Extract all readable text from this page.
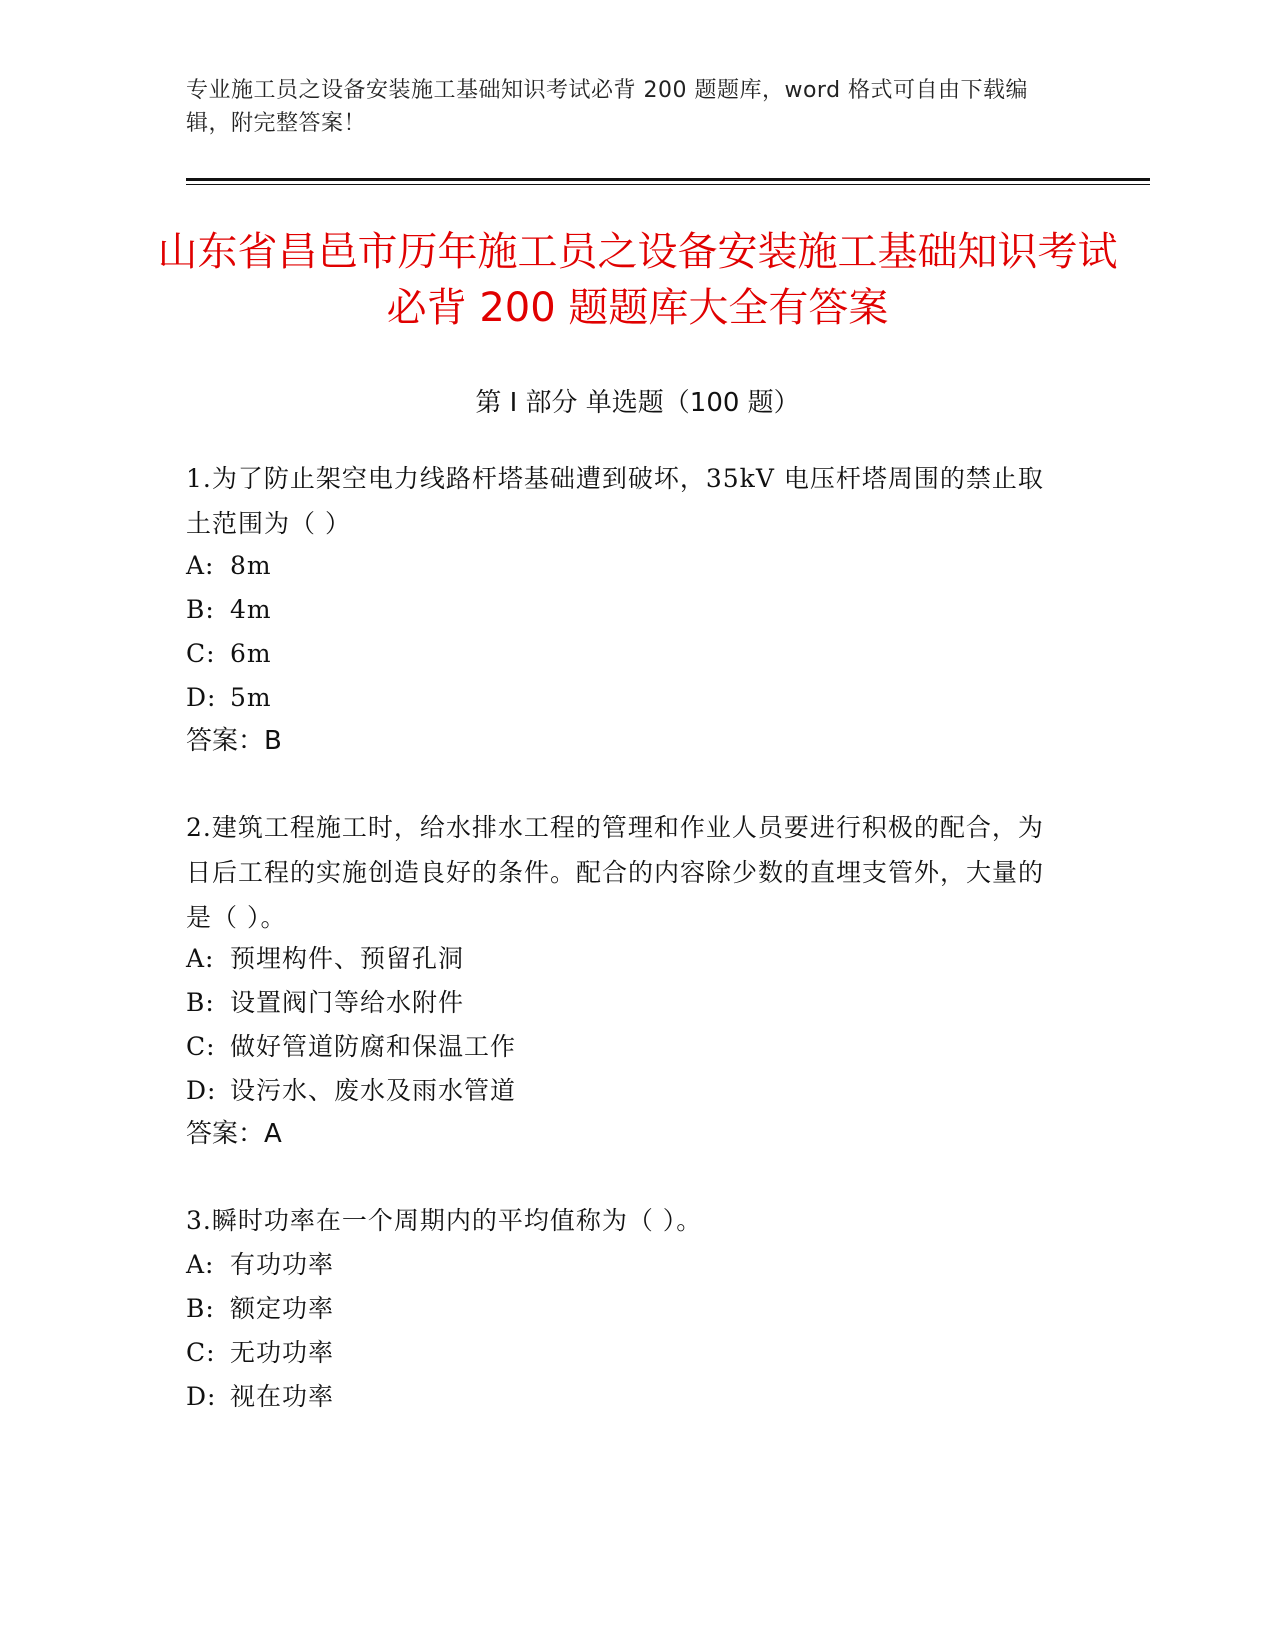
专业施工员之设备安装施工基础知识考试必背 200 题题库，word 格式可自由下载编辑，附完整答案！
山东省昌邑市历年施工员之设备安装施工基础知识考试必背 200 题题库大全有答案
第 I 部分 单选题（100 题）
1.为了防止架空电力线路杆塔基础遭到破坏，35kV 电压杆塔周围的禁止取土范围为（ ）
A: 8m
B: 4m
C: 6m
D: 5m
答案：B
2.建筑工程施工时，给水排水工程的管理和作业人员要进行积极的配合，为日后工程的实施创造良好的条件。配合的内容除少数的直埋支管外，大量的是（ ）。
A: 预埋构件、预留孔洞
B: 设置阀门等给水附件
C: 做好管道防腐和保温工作
D: 设污水、废水及雨水管道
答案：A
3.瞬时功率在一个周期内的平均值称为（ ）。
A: 有功功率
B: 额定功率
C: 无功功率
D: 视在功率
